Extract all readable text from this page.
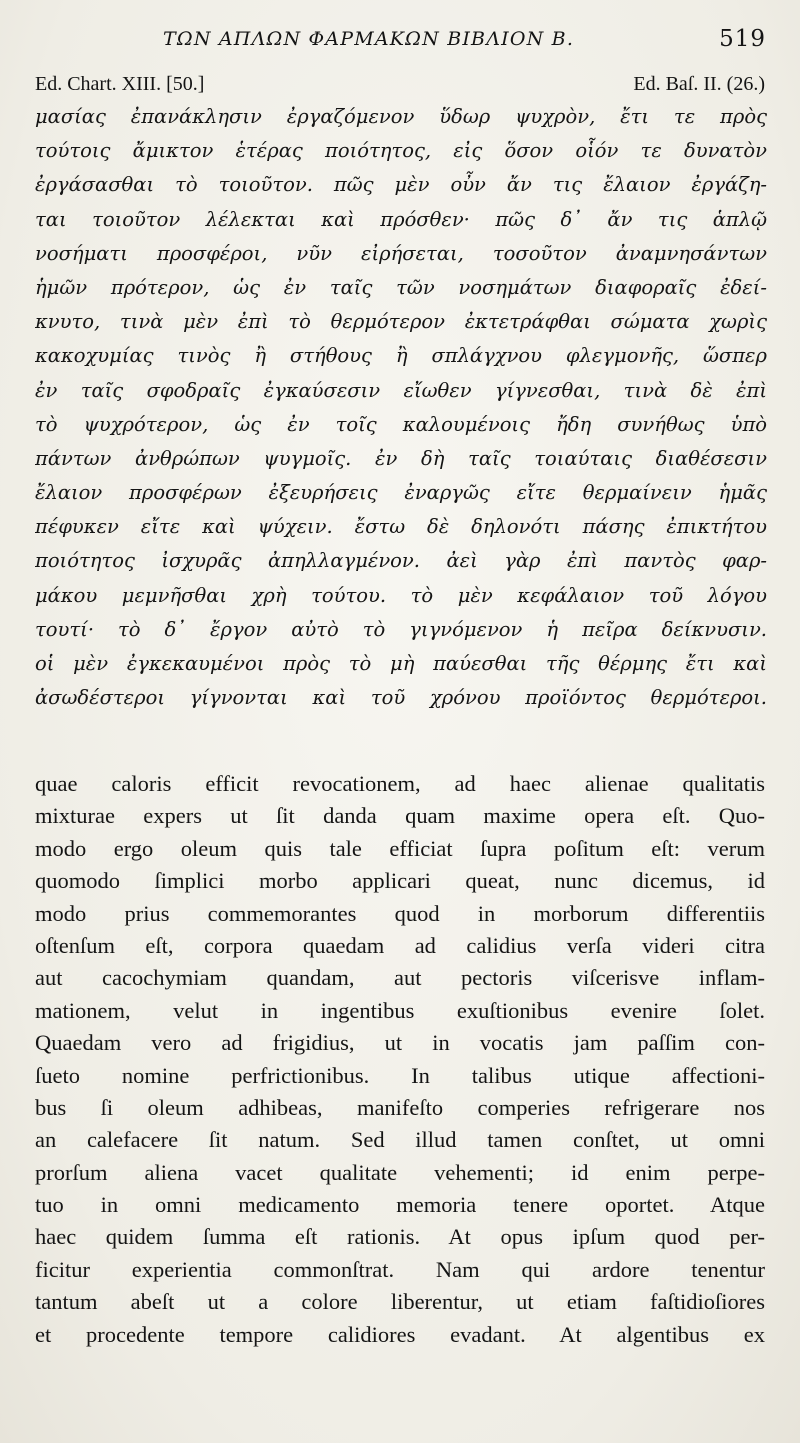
ΤΩΝ ΑΠΛΩΝ ΦΑΡΜΑΚΩΝ ΒΙΒΛΙΟΝ Β.	519
Ed. Chart. XIII. [50.]	Ed. Baſ. II. (26.)
μασίας ἐπανάκλησιν ἐργαζόμενον ὕδωρ ψυχρὸν, ἔτι τε πρὸς
τούτοις ἄμικτον ἑτέρας ποιότητος, εἰς ὅσον οἷόν τε δυνατὸν
ἐργάσασθαι τὸ τοιοῦτον. πῶς μὲν οὖν ἄν τις ἔλαιον ἐργάζη-
ται τοιοῦτον λέλεκται καὶ πρόσθεν· πῶς δ᾽ ἄν τις ἁπλῷ
νοσήματι προσφέροι, νῦν εἰρήσεται, τοσοῦτον ἀναμνησάντων
ἡμῶν πρότερον, ὡς ἐν ταῖς τῶν νοσημάτων διαφοραῖς ἐδεί-
κνυτο, τινὰ μὲν ἐπὶ τὸ θερμότερον ἐκτετράφθαι σώματα χωρὶς
κακοχυμίας τινὸς ἢ στήθους ἢ σπλάγχνου φλεγμονῆς, ὥσπερ
ἐν ταῖς σφοδραῖς ἐγκαύσεσιν εἴωθεν γίγνεσθαι, τινὰ δὲ ἐπὶ
τὸ ψυχρότερον, ὡς ἐν τοῖς καλουμένοις ἤδη συνήθως ὑπὸ
πάντων ἀνθρώπων ψυγμοῖς. ἐν δὴ ταῖς τοιαύταις διαθέσεσιν
ἔλαιον προσφέρων ἐξευρήσεις ἐναργῶς εἴτε θερμαίνειν ἡμᾶς
πέφυκεν εἴτε καὶ ψύχειν. ἔστω δὲ δηλονότι πάσης ἐπικτήτου
ποιότητος ἰσχυρᾶς ἀπηλλαγμένον. ἀεὶ γὰρ ἐπὶ παντὸς φαρ-
μάκου μεμνῆσθαι χρὴ τούτου. τὸ μὲν κεφάλαιον τοῦ λόγου
τουτί· τὸ δ᾽ ἔργον αὐτὸ τὸ γιγνόμενον ἡ πεῖρα δείκνυσιν.
οἱ μὲν ἐγκεκαυμένοι πρὸς τὸ μὴ παύεσθαι τῆς θέρμης ἔτι καὶ
ἀσωδέστεροι γίγνονται καὶ τοῦ χρόνου προϊόντος θερμότεροι.
quae caloris efficit revocationem, ad haec alienae qualitatis
mixturae expers ut ſit danda quam maxime opera eſt. Quo-
modo ergo oleum quis tale efficiat ſupra poſitum eſt: verum
quomodo ſimplici morbo applicari queat, nunc dicemus, id
modo prius commemorantes quod in morborum differentiis
oſtenſum eſt, corpora quaedam ad calidius verſa videri citra
aut cacochymiam quandam, aut pectoris viſcerisve inflam-
mationem, velut in ingentibus exuſtionibus evenire ſolet.
Quaedam vero ad frigidius, ut in vocatis jam paſſim con-
ſueto nomine perfrictionibus. In talibus utique affectioni-
bus ſi oleum adhibeas, manifeſto comperies refrigerare nos
an calefacere ſit natum. Sed illud tamen conſtet, ut omni
prorſum aliena vacet qualitate vehementi; id enim perpe-
tuo in omni medicamento memoria tenere oportet. Atque
haec quidem ſumma eſt rationis. At opus ipſum quod per-
ficitur experientia commonſtrat. Nam qui ardore tenentur
tantum abeſt ut a colore liberentur, ut etiam faſtidioſiores
et procedente tempore calidiores evadant. At algentibus ex
